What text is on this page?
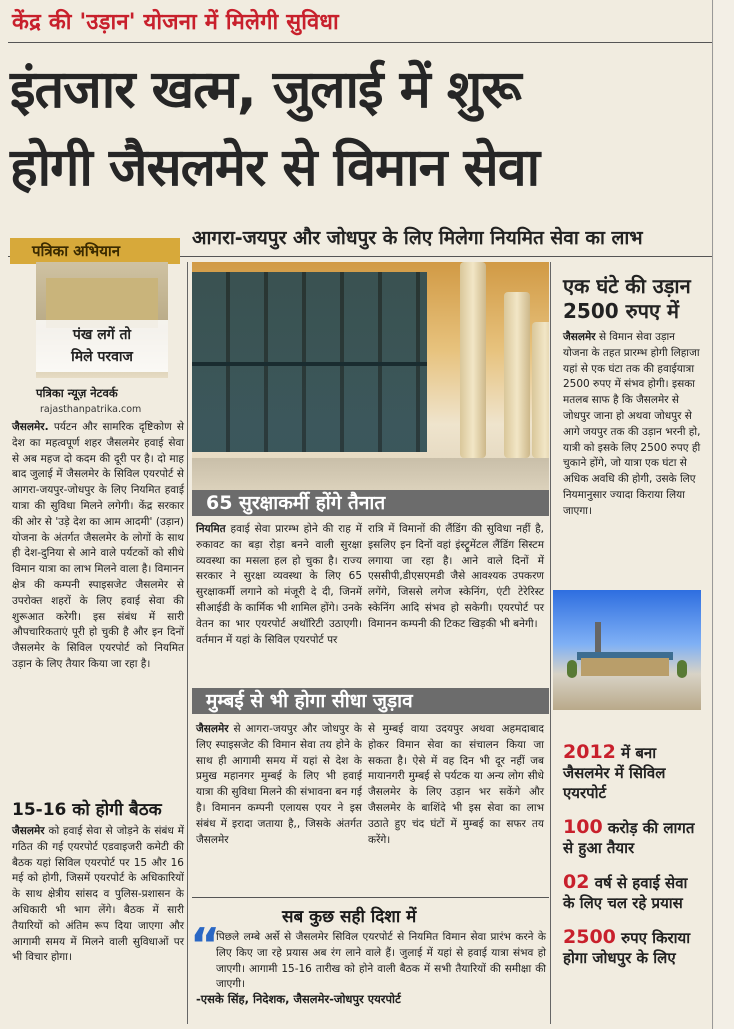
केंद्र की 'उड़ान' योजना में मिलेगी सुविधा
इंतजार खत्म, जुलाई में शुरू
होगी जैसलमेर से विमान सेवा
आगरा-जयपुर और जोधपुर के लिए मिलेगा नियमित सेवा का लाभ
पत्रिका अभियान
पंख लगें तो
मिले परवाज
पत्रिका न्यूज़ नेटवर्क
rajasthanpatrika.com
जैसलमेर. पर्यटन और सामरिक दृष्टिकोण से देश का महत्वपूर्ण शहर जैसलमेर हवाई सेवा से अब महज दो कदम की दूरी पर है। दो माह बाद जुलाई में जैसलमेर के सिविल एयरपोर्ट से आगरा-जयपुर-जोधपुर के लिए नियमित हवाई यात्रा की सुविधा मिलने लगेगी। केंद्र सरकार की ओर से 'उड़े देश का आम आदमी' (उड़ान) योजना के अंतर्गत जैसलमेर के लोगों के साथ ही देश-दुनिया से आने वाले पर्यटकों को सीधे विमान यात्रा का लाभ मिलने वाला है। विमानन क्षेत्र की कम्पनी स्पाइसजेट जैसलमेर से उपरोक्त शहरों के लिए हवाई सेवा की शुरूआत करेगी। इस संबंध में सारी औपचारिकताएं पूरी हो चुकी है और इन दिनों जैसलमेर के सिविल एयरपोर्ट को नियमित उड़ान के लिए तैयार किया जा रहा है।
15-16 को होगी बैठक
जैसलमेर को हवाई सेवा से जोड़ने के संबंध में गठित की गई एयरपोर्ट एडवाइजरी कमेटी की बैठक यहां सिविल एयरपोर्ट पर 15 और 16 मई को होगी, जिसमें एयरपोर्ट के अधिकारियों के साथ क्षेत्रीय सांसद व पुलिस-प्रशासन के अधिकारी भी भाग लेंगे। बैठक में सारी तैयारियों को अंतिम रूप दिया जाएगा और आगामी समय में मिलने वाली सुविधाओं पर भी विचार होगा।
65 सुरक्षाकर्मी होंगे तैनात
नियमित हवाई सेवा प्रारम्भ होने की राह में रुकावट का बड़ा रोड़ा बनने वाली सुरक्षा व्यवस्था का मसला हल हो चुका है। राज्य सरकार ने सुरक्षा व्यवस्था के लिए 65 सुरक्षाकर्मी लगाने को मंजूरी दे दी, जिनमें सीआईडी के कार्मिक भी शामिल होंगे। उनके वेतन का भार एयरपोर्ट अथॉरिटी उठाएगी। वर्तमान में यहां के सिविल एयरपोर्ट पर
रात्रि में विमानों की लैंडिंग की सुविधा नहीं है, इसलिए इन दिनों वहां इंस्ट्रूमेंटल लैंडिंग सिस्टम लगाया जा रहा है। आने वाले दिनों में एससीपी,डीएसएमडी जैसे आवश्यक उपकरण लगेंगे, जिससे लगेज स्केनिंग, एंटी टेरेरिस्ट स्केनिंग आदि संभव हो सकेगी। एयरपोर्ट पर विमानन कम्पनी की टिकट खिड़की भी बनेगी।
मुम्बई से भी होगा सीधा जुड़ाव
जैसलमेर से आगरा-जयपुर और जोधपुर के लिए स्पाइसजेट की विमान सेवा तय होने के साथ ही आगामी समय में यहां से देश के प्रमुख महानगर मुम्बई के लिए भी हवाई यात्रा की सुविधा मिलने की संभावना बन गई है। विमानन कम्पनी एलायस एयर ने इस संबंध में इरादा जताया है,, जिसके अंतर्गत जैसलमेर
से मुम्बई वाया उदयपुर अथवा अहमदाबाद होकर विमान सेवा का संचालन किया जा सकता है। ऐसे में वह दिन भी दूर नहीं जब मायानगरी मुम्बई से पर्यटक या अन्य लोग सीधे जैसलमेर के लिए उड़ान भर सकेंगे और जैसलमेर के बाशिंदे भी इस सेवा का लाभ उठाते हुए चंद घंटों में मुम्बई का सफर तय करेंगे।
सब कुछ सही दिशा में
“
पिछले लम्बे अर्से से जैसलमेर सिविल एयरपोर्ट से नियमित विमान सेवा प्रारंभ करने के लिए किए जा रहे प्रयास अब रंग लाने वाले हैं। जुलाई में यहां से हवाई यात्रा संभव हो जाएगी। आगामी 15-16 तारीख को होने वाली बैठक में सभी तैयारियों की समीक्षा की जाएगी।
-एसके सिंह, निदेशक, जैसलमेर-जोधपुर एयरपोर्ट
एक घंटे की उड़ान 2500 रुपए में
जैसलमेर से विमान सेवा उड़ान योजना के तहत प्रारम्भ होगी लिहाजा यहां से एक घंटा तक की हवाईयात्रा 2500 रुपए में संभव होगी। इसका मतलब साफ है कि जैसलमेर से जोधपुर जाना हो अथवा जोधपुर से आगे जयपुर तक की उड़ान भरनी हो, यात्री को इसके लिए 2500 रुपए ही चुकाने होंगे, जो यात्रा एक घंटा से अधिक अवधि की होगी, उसके लिए नियमानुसार ज्यादा किराया लिया जाएगा।
2012 में बना जैसलमेर में सिविल एयरपोर्ट
100 करोड़ की लागत से हुआ तैयार
02 वर्ष से हवाई सेवा के लिए चल रहे प्रयास
2500 रुपए किराया होगा जोधपुर के लिए
